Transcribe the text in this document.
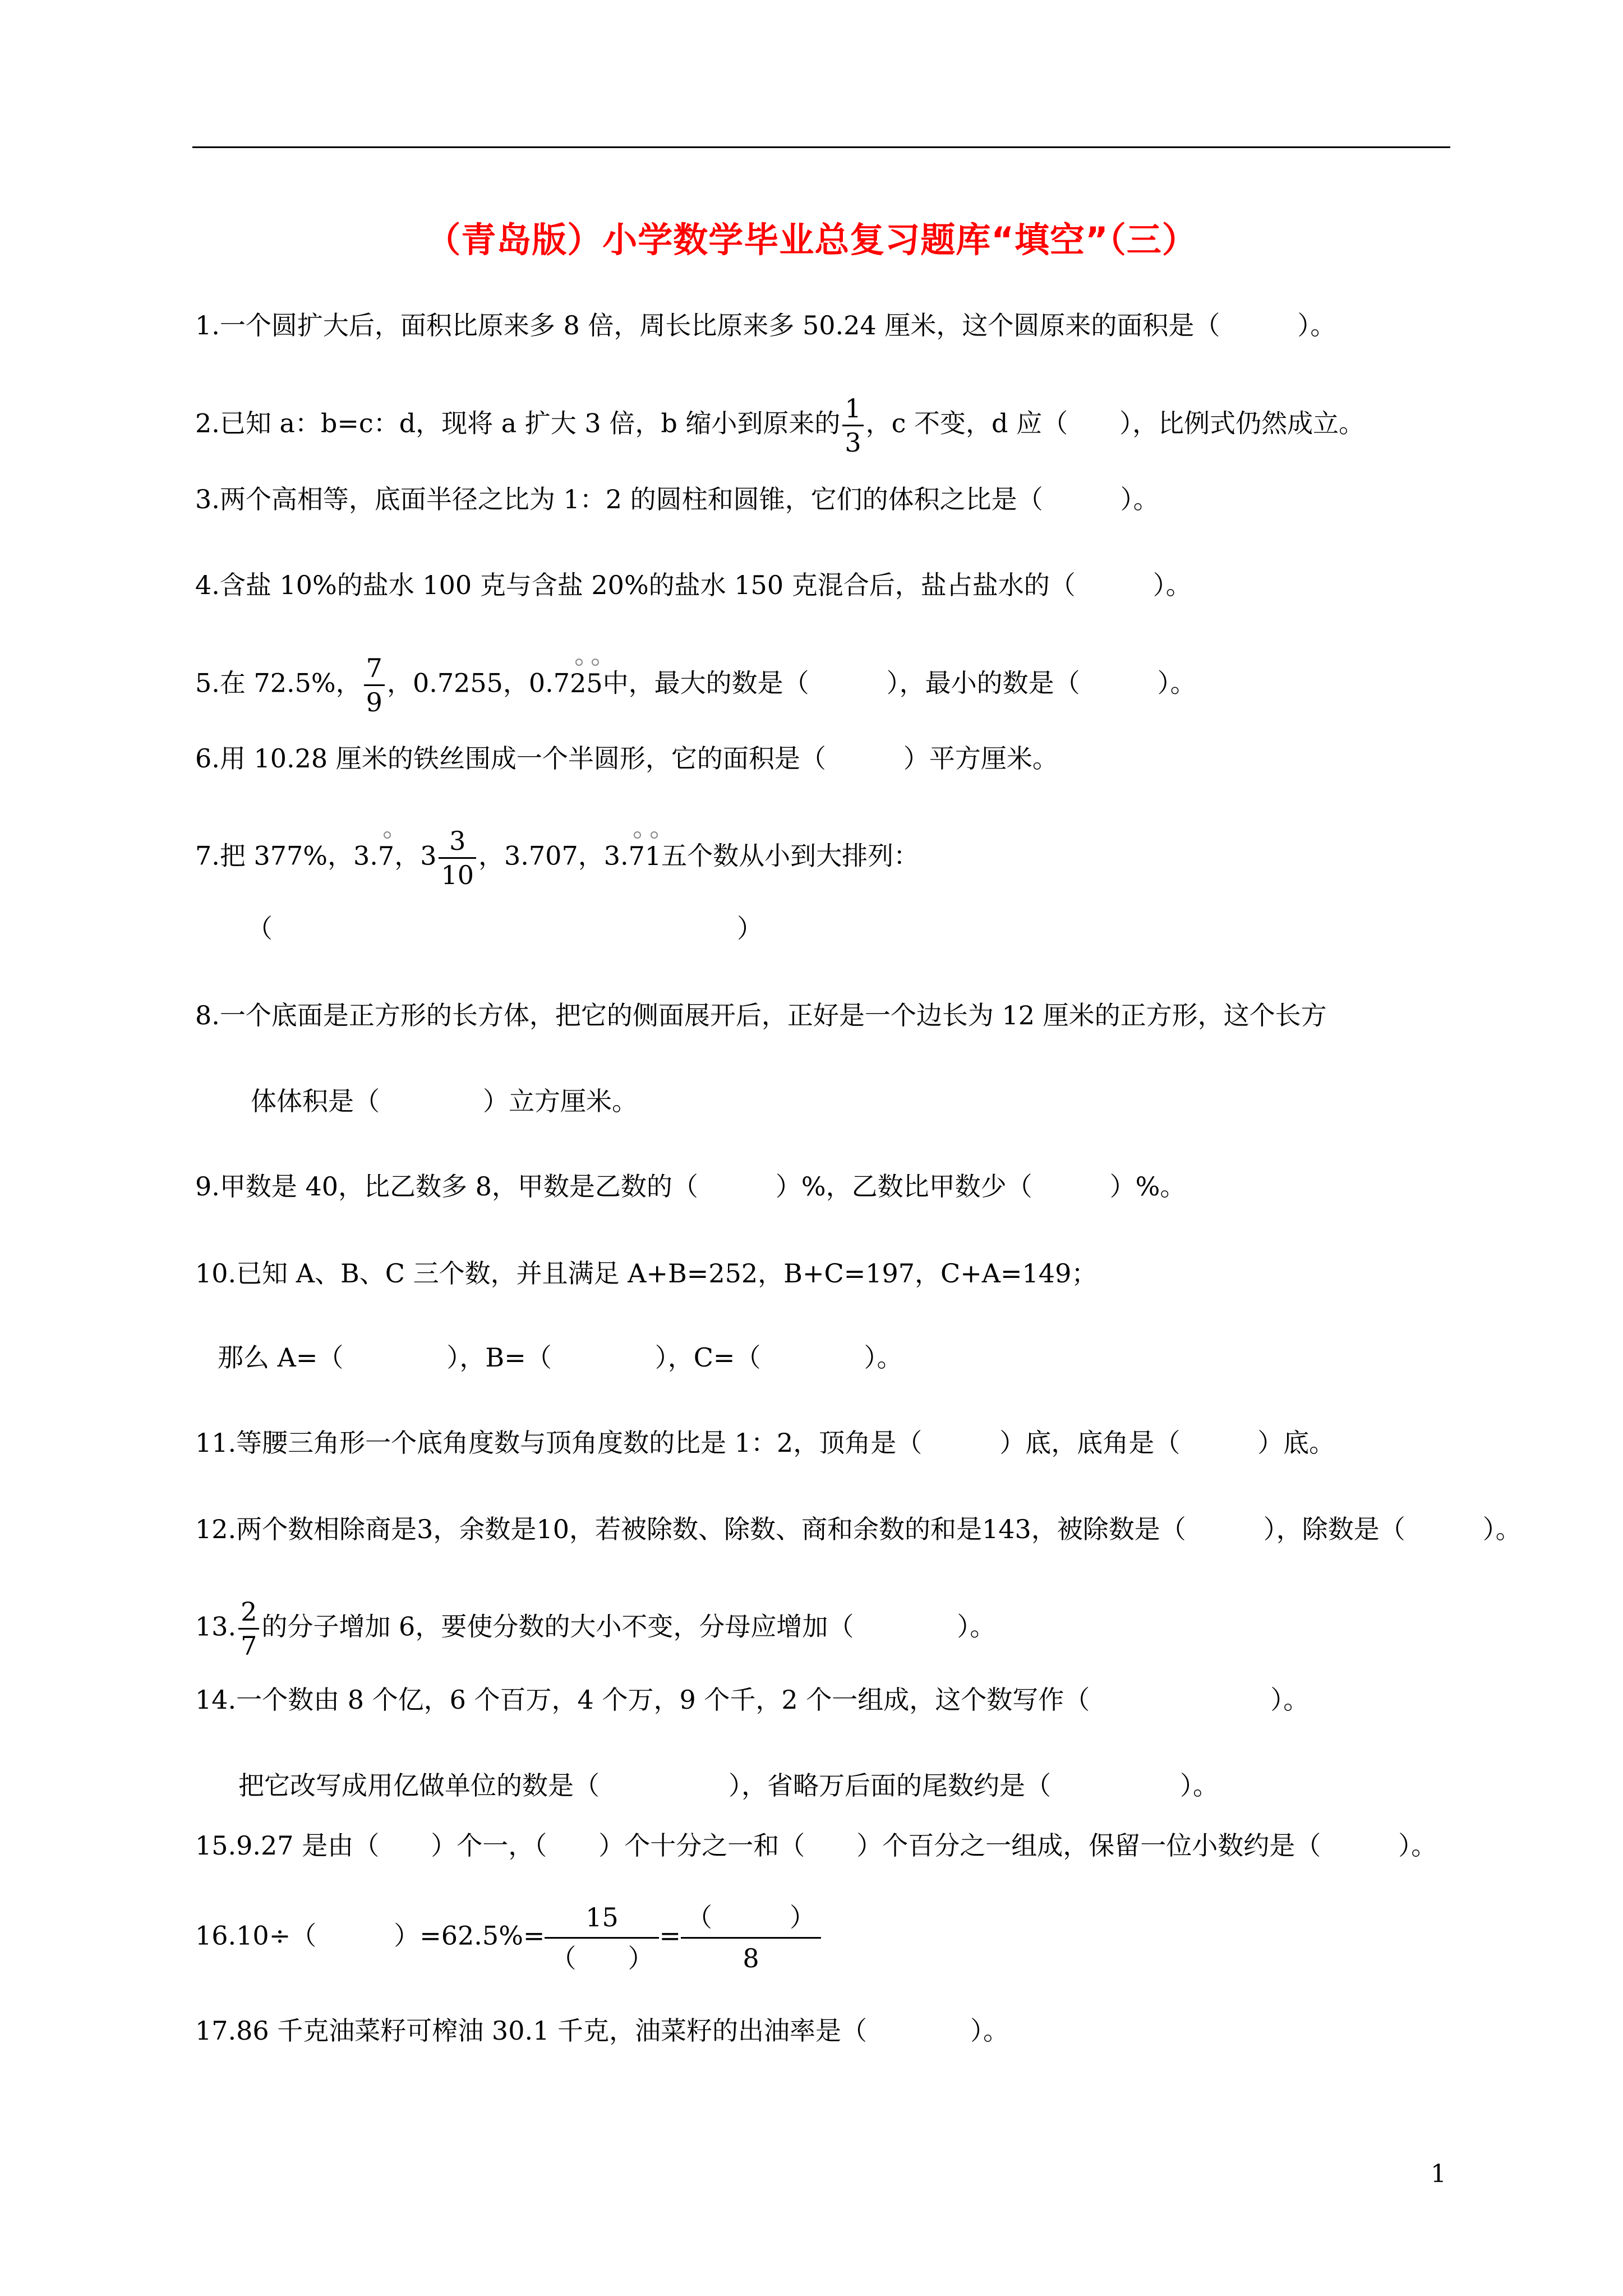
（青岛版）小学数学毕业总复习题库“填空”（三）
1.一个圆扩大后，面积比原来多 8 倍，周长比原来多 50.24 厘米，这个圆原来的面积是（　　　）。
2.已知 a：b=c：d，现将 a 扩大 3 倍，b 缩小到原来的 $\frac{1}{3}$ ，c 不变，d 应（　　），比例式仍然成立。
3.两个高相等，底面半径之比为 1：2 的圆柱和圆锥，它们的体积之比是（　　　）。
4.含盐 10%的盐水 100 克与含盐 20%的盐水 150 克混合后，盐占盐水的（　　　）。
5.在 72.5%， $\frac{7}{9}$ ，0.7255，0.725中，最大的数是（　　　），最小的数是（　　　）。
6.用 10.28 厘米的铁丝围成一个半圆形，它的面积是（　　　）平方厘米。
7.把 377%，3.7，$3 \frac{3}{10}$ ，3.707，3.71五个数从小到大排列：
（　　　　　　　　　　　　　　　　　　）
8.一个底面是正方形的长方体，把它的侧面展开后，正好是一个边长为 12 厘米的正方形，这个长方
体体积是（　　　　）立方厘米。
9.甲数是 40，比乙数多 8，甲数是乙数的（　　　）%，乙数比甲数少（　　　）%。
10.已知 A、B、C 三个数，并且满足 A+B=252，B+C=197，C+A=149；
那么 A=（　　　　），B=（　　　　），C=（　　　　）。
11.等腰三角形一个底角度数与顶角度数的比是 1：2，顶角是（　　　）底，底角是（　　　）底。
12.两个数相除商是3，余数是10，若被除数、除数、商和余数的和是143，被除数是（　　　），除数是（　　　）。
13. $\frac{2}{7}$ 的分子增加 6，要使分数的大小不变，分母应增加（　　　　）。
14.一个数由 8 个亿，6 个百万，4 个万，9 个千，2 个一组成，这个数写作（　　　　　　　）。
把它改写成用亿做单位的数是（　　　　　），省略万后面的尾数约是（　　　　　）。
15.9.27 是由（　　）个一，（　　）个十分之一和（　　）个百分之一组成，保留一位小数约是（　　　）。
16.10÷（　　　）$=62.5\%= \frac{15}{( )} = \frac{( )}{8}$
17.86 千克油菜籽可榨油 30.1 千克，油菜籽的出油率是（　　　　）。
1
